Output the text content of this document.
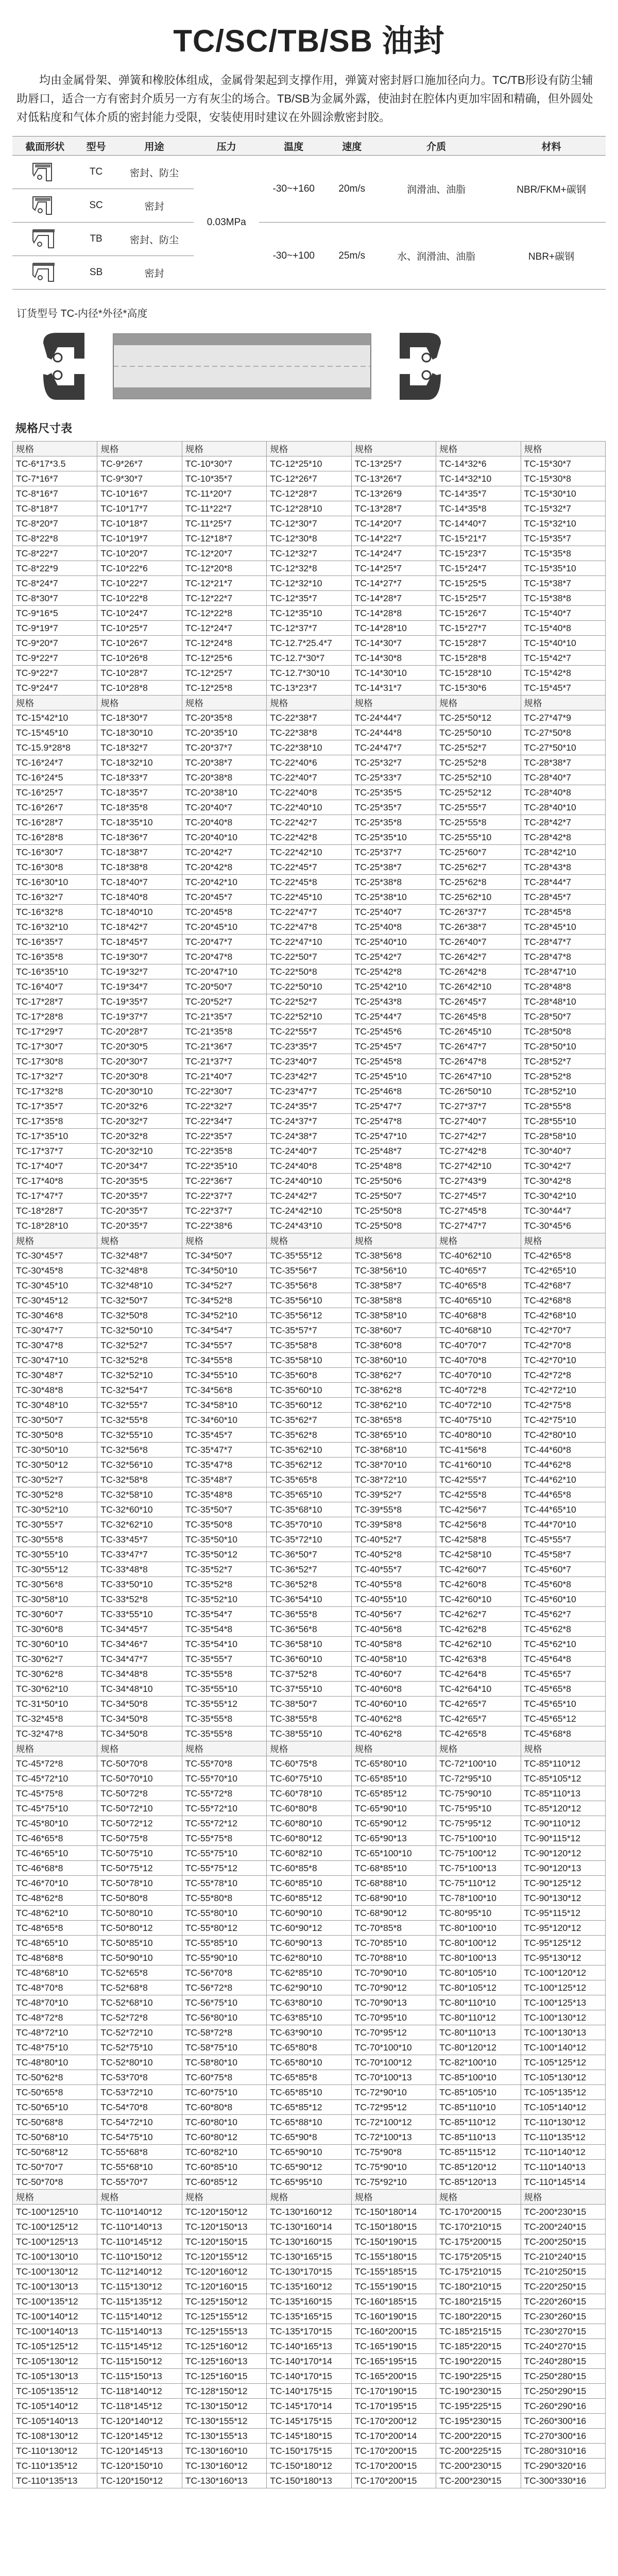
TC/SC/TB/SB 油封

均由金属骨架、弹簧和橡胶体组成，金属骨架起到支撑作用，弹簧对密封唇口施加径向力。TC/TB形设有防尘辅助唇口，适合一方有密封介质另一方有灰尘的场合。TB/SB为金属外露，使油封在腔体内更加牢固和精确，但外圆处对低粘度和气体介质的密封能力受限，安装使用时建议在外圆涂敷密封胶。

截面形状	型号	用途	压力	温度	速度	介质	材料

	TC	密封、防尘	0.03MPa	-30~+160	20m/s	润滑油、油脂	NBR/FKM+碳钢

	SC	密封					

	TB	密封、防尘		-30~+100	25m/s	水、润滑油、油脂	NBR+碳钢

	SB	密封					
订货型号 TC-内径*外径*高度
规格尺寸表
规格	规格	规格	规格	规格	规格	规格
TC-6*17*3.5	TC-9*26*7	TC-10*30*7	TC-12*25*10	TC-13*25*7	TC-14*32*6	TC-15*30*7
TC-7*16*7	TC-9*30*7	TC-10*35*7	TC-12*26*7	TC-13*26*7	TC-14*32*10	TC-15*30*8
TC-8*16*7	TC-10*16*7	TC-11*20*7	TC-12*28*7	TC-13*26*9	TC-14*35*7	TC-15*30*10
TC-8*18*7	TC-10*17*7	TC-11*22*7	TC-12*28*10	TC-13*28*7	TC-14*35*8	TC-15*32*7
TC-8*20*7	TC-10*18*7	TC-11*25*7	TC-12*30*7	TC-14*20*7	TC-14*40*7	TC-15*32*10
TC-8*22*8	TC-10*19*7	TC-12*18*7	TC-12*30*8	TC-14*22*7	TC-15*21*7	TC-15*35*7
TC-8*22*7	TC-10*20*7	TC-12*20*7	TC-12*32*7	TC-14*24*7	TC-15*23*7	TC-15*35*8
TC-8*22*9	TC-10*22*6	TC-12*20*8	TC-12*32*8	TC-14*25*7	TC-15*24*7	TC-15*35*10
TC-8*24*7	TC-10*22*7	TC-12*21*7	TC-12*32*10	TC-14*27*7	TC-15*25*5	TC-15*38*7
TC-8*30*7	TC-10*22*8	TC-12*22*7	TC-12*35*7	TC-14*28*7	TC-15*25*7	TC-15*38*8
TC-9*16*5	TC-10*24*7	TC-12*22*8	TC-12*35*10	TC-14*28*8	TC-15*26*7	TC-15*40*7
TC-9*19*7	TC-10*25*7	TC-12*24*7	TC-12*37*7	TC-14*28*10	TC-15*27*7	TC-15*40*8
TC-9*20*7	TC-10*26*7	TC-12*24*8	TC-12.7*25.4*7	TC-14*30*7	TC-15*28*7	TC-15*40*10
TC-9*22*7	TC-10*26*8	TC-12*25*6	TC-12.7*30*7	TC-14*30*8	TC-15*28*8	TC-15*42*7
TC-9*22*7	TC-10*28*7	TC-12*25*7	TC-12.7*30*10	TC-14*30*10	TC-15*28*10	TC-15*42*8
TC-9*24*7	TC-10*28*8	TC-12*25*8	TC-13*23*7	TC-14*31*7	TC-15*30*6	TC-15*45*7
规格	规格	规格	规格	规格	规格	规格
TC-15*42*10	TC-18*30*7	TC-20*35*8	TC-22*38*7	TC-24*44*7	TC-25*50*12	TC-27*47*9
TC-15*45*10	TC-18*30*10	TC-20*35*10	TC-22*38*8	TC-24*44*8	TC-25*50*10	TC-27*50*8
TC-15.9*28*8	TC-18*32*7	TC-20*37*7	TC-22*38*10	TC-24*47*7	TC-25*52*7	TC-27*50*10
TC-16*24*7	TC-18*32*10	TC-20*38*7	TC-22*40*6	TC-25*32*7	TC-25*52*8	TC-28*38*7
TC-16*24*5	TC-18*33*7	TC-20*38*8	TC-22*40*7	TC-25*33*7	TC-25*52*10	TC-28*40*7
TC-16*25*7	TC-18*35*7	TC-20*38*10	TC-22*40*8	TC-25*35*5	TC-25*52*12	TC-28*40*8
TC-16*26*7	TC-18*35*8	TC-20*40*7	TC-22*40*10	TC-25*35*7	TC-25*55*7	TC-28*40*10
TC-16*28*7	TC-18*35*10	TC-20*40*8	TC-22*42*7	TC-25*35*8	TC-25*55*8	TC-28*42*7
TC-16*28*8	TC-18*36*7	TC-20*40*10	TC-22*42*8	TC-25*35*10	TC-25*55*10	TC-28*42*8
TC-16*30*7	TC-18*38*7	TC-20*42*7	TC-22*42*10	TC-25*37*7	TC-25*60*7	TC-28*42*10
TC-16*30*8	TC-18*38*8	TC-20*42*8	TC-22*45*7	TC-25*38*7	TC-25*62*7	TC-28*43*8
TC-16*30*10	TC-18*40*7	TC-20*42*10	TC-22*45*8	TC-25*38*8	TC-25*62*8	TC-28*44*7
TC-16*32*7	TC-18*40*8	TC-20*45*7	TC-22*45*10	TC-25*38*10	TC-25*62*10	TC-28*45*7
TC-16*32*8	TC-18*40*10	TC-20*45*8	TC-22*47*7	TC-25*40*7	TC-26*37*7	TC-28*45*8
TC-16*32*10	TC-18*42*7	TC-20*45*10	TC-22*47*8	TC-25*40*8	TC-26*38*7	TC-28*45*10
TC-16*35*7	TC-18*45*7	TC-20*47*7	TC-22*47*10	TC-25*40*10	TC-26*40*7	TC-28*47*7
TC-16*35*8	TC-19*30*7	TC-20*47*8	TC-22*50*7	TC-25*42*7	TC-26*42*7	TC-28*47*8
TC-16*35*10	TC-19*32*7	TC-20*47*10	TC-22*50*8	TC-25*42*8	TC-26*42*8	TC-28*47*10
TC-16*40*7	TC-19*34*7	TC-20*50*7	TC-22*50*10	TC-25*42*10	TC-26*42*10	TC-28*48*8
TC-17*28*7	TC-19*35*7	TC-20*52*7	TC-22*52*7	TC-25*43*8	TC-26*45*7	TC-28*48*10
TC-17*28*8	TC-19*37*7	TC-21*35*7	TC-22*52*10	TC-25*44*7	TC-26*45*8	TC-28*50*7
TC-17*29*7	TC-20*28*7	TC-21*35*8	TC-22*55*7	TC-25*45*6	TC-26*45*10	TC-28*50*8
TC-17*30*7	TC-20*30*5	TC-21*36*7	TC-23*35*7	TC-25*45*7	TC-26*47*7	TC-28*50*10
TC-17*30*8	TC-20*30*7	TC-21*37*7	TC-23*40*7	TC-25*45*8	TC-26*47*8	TC-28*52*7
TC-17*32*7	TC-20*30*8	TC-21*40*7	TC-23*42*7	TC-25*45*10	TC-26*47*10	TC-28*52*8
TC-17*32*8	TC-20*30*10	TC-22*30*7	TC-23*47*7	TC-25*46*8	TC-26*50*10	TC-28*52*10
TC-17*35*7	TC-20*32*6	TC-22*32*7	TC-24*35*7	TC-25*47*7	TC-27*37*7	TC-28*55*8
TC-17*35*8	TC-20*32*7	TC-22*34*7	TC-24*37*7	TC-25*47*8	TC-27*40*7	TC-28*55*10
TC-17*35*10	TC-20*32*8	TC-22*35*7	TC-24*38*7	TC-25*47*10	TC-27*42*7	TC-28*58*10
TC-17*37*7	TC-20*32*10	TC-22*35*8	TC-24*40*7	TC-25*48*7	TC-27*42*8	TC-30*40*7
TC-17*40*7	TC-20*34*7	TC-22*35*10	TC-24*40*8	TC-25*48*8	TC-27*42*10	TC-30*42*7
TC-17*40*8	TC-20*35*5	TC-22*36*7	TC-24*40*10	TC-25*50*6	TC-27*43*9	TC-30*42*8
TC-17*47*7	TC-20*35*7	TC-22*37*7	TC-24*42*7	TC-25*50*7	TC-27*45*7	TC-30*42*10
TC-18*28*7	TC-20*35*7	TC-22*37*7	TC-24*42*10	TC-25*50*8	TC-27*45*8	TC-30*44*7
TC-18*28*10	TC-20*35*7	TC-22*38*6	TC-24*43*10	TC-25*50*8	TC-27*47*7	TC-30*45*6
规格	规格	规格	规格	规格	规格	规格
TC-30*45*7	TC-32*48*7	TC-34*50*7	TC-35*55*12	TC-38*56*8	TC-40*62*10	TC-42*65*8
TC-30*45*8	TC-32*48*8	TC-34*50*10	TC-35*56*7	TC-38*56*10	TC-40*65*7	TC-42*65*10
TC-30*45*10	TC-32*48*10	TC-34*52*7	TC-35*56*8	TC-38*58*7	TC-40*65*8	TC-42*68*7
TC-30*45*12	TC-32*50*7	TC-34*52*8	TC-35*56*10	TC-38*58*8	TC-40*65*10	TC-42*68*8
TC-30*46*8	TC-32*50*8	TC-34*52*10	TC-35*56*12	TC-38*58*10	TC-40*68*8	TC-42*68*10
TC-30*47*7	TC-32*50*10	TC-34*54*7	TC-35*57*7	TC-38*60*7	TC-40*68*10	TC-42*70*7
TC-30*47*8	TC-32*52*7	TC-34*55*7	TC-35*58*8	TC-38*60*8	TC-40*70*7	TC-42*70*8
TC-30*47*10	TC-32*52*8	TC-34*55*8	TC-35*58*10	TC-38*60*10	TC-40*70*8	TC-42*70*10
TC-30*48*7	TC-32*52*10	TC-34*55*10	TC-35*60*8	TC-38*62*7	TC-40*70*10	TC-42*72*8
TC-30*48*8	TC-32*54*7	TC-34*56*8	TC-35*60*10	TC-38*62*8	TC-40*72*8	TC-42*72*10
TC-30*48*10	TC-32*55*7	TC-34*58*10	TC-35*60*12	TC-38*62*10	TC-40*72*10	TC-42*75*8
TC-30*50*7	TC-32*55*8	TC-34*60*10	TC-35*62*7	TC-38*65*8	TC-40*75*10	TC-42*75*10
TC-30*50*8	TC-32*55*10	TC-35*45*7	TC-35*62*8	TC-38*65*10	TC-40*80*10	TC-42*80*10
TC-30*50*10	TC-32*56*8	TC-35*47*7	TC-35*62*10	TC-38*68*10	TC-41*56*8	TC-44*60*8
TC-30*50*12	TC-32*56*10	TC-35*47*8	TC-35*62*12	TC-38*70*10	TC-41*60*10	TC-44*62*8
TC-30*52*7	TC-32*58*8	TC-35*48*7	TC-35*65*8	TC-38*72*10	TC-42*55*7	TC-44*62*10
TC-30*52*8	TC-32*58*10	TC-35*48*8	TC-35*65*10	TC-39*52*7	TC-42*55*8	TC-44*65*8
TC-30*52*10	TC-32*60*10	TC-35*50*7	TC-35*68*10	TC-39*55*8	TC-42*56*7	TC-44*65*10
TC-30*55*7	TC-32*62*10	TC-35*50*8	TC-35*70*10	TC-39*58*8	TC-42*56*8	TC-44*70*10
TC-30*55*8	TC-33*45*7	TC-35*50*10	TC-35*72*10	TC-40*52*7	TC-42*58*8	TC-45*55*7
TC-30*55*10	TC-33*47*7	TC-35*50*12	TC-36*50*7	TC-40*52*8	TC-42*58*10	TC-45*58*7
TC-30*55*12	TC-33*48*8	TC-35*52*7	TC-36*52*7	TC-40*55*7	TC-42*60*7	TC-45*60*7
TC-30*56*8	TC-33*50*10	TC-35*52*8	TC-36*52*8	TC-40*55*8	TC-42*60*8	TC-45*60*8
TC-30*58*10	TC-33*52*8	TC-35*52*10	TC-36*54*10	TC-40*55*10	TC-42*60*10	TC-45*60*10
TC-30*60*7	TC-33*55*10	TC-35*54*7	TC-36*55*8	TC-40*56*7	TC-42*62*7	TC-45*62*7
TC-30*60*8	TC-34*45*7	TC-35*54*8	TC-36*56*8	TC-40*56*8	TC-42*62*8	TC-45*62*8
TC-30*60*10	TC-34*46*7	TC-35*54*10	TC-36*58*10	TC-40*58*8	TC-42*62*10	TC-45*62*10
TC-30*62*7	TC-34*47*7	TC-35*55*7	TC-36*60*10	TC-40*58*10	TC-42*63*8	TC-45*64*8
TC-30*62*8	TC-34*48*8	TC-35*55*8	TC-37*52*8	TC-40*60*7	TC-42*64*8	TC-45*65*7
TC-30*62*10	TC-34*48*10	TC-35*55*10	TC-37*55*10	TC-40*60*8	TC-42*64*10	TC-45*65*8
TC-31*50*10	TC-34*50*8	TC-35*55*12	TC-38*50*7	TC-40*60*10	TC-42*65*7	TC-45*65*10
TC-32*45*8	TC-34*50*8	TC-35*55*8	TC-38*55*8	TC-40*62*8	TC-42*65*7	TC-45*65*12
TC-32*47*8	TC-34*50*8	TC-35*55*8	TC-38*55*10	TC-40*62*8	TC-42*65*8	TC-45*68*8
规格	规格	规格	规格	规格	规格	规格
TC-45*72*8	TC-50*70*8	TC-55*70*8	TC-60*75*8	TC-65*80*10	TC-72*100*10	TC-85*110*12
TC-45*72*10	TC-50*70*10	TC-55*70*10	TC-60*75*10	TC-65*85*10	TC-72*95*10	TC-85*105*12
TC-45*75*8	TC-50*72*8	TC-55*72*8	TC-60*78*10	TC-65*85*12	TC-75*90*10	TC-85*110*13
TC-45*75*10	TC-50*72*10	TC-55*72*10	TC-60*80*8	TC-65*90*10	TC-75*95*10	TC-85*120*12
TC-45*80*10	TC-50*72*12	TC-55*72*12	TC-60*80*10	TC-65*90*12	TC-75*95*12	TC-90*110*12
TC-46*65*8	TC-50*75*8	TC-55*75*8	TC-60*80*12	TC-65*90*13	TC-75*100*10	TC-90*115*12
TC-46*65*10	TC-50*75*10	TC-55*75*10	TC-60*82*10	TC-65*100*10	TC-75*100*12	TC-90*120*12
TC-46*68*8	TC-50*75*12	TC-55*75*12	TC-60*85*8	TC-68*85*10	TC-75*100*13	TC-90*120*13
TC-46*70*10	TC-50*78*10	TC-55*78*10	TC-60*85*10	TC-68*88*10	TC-75*110*12	TC-90*125*12
TC-48*62*8	TC-50*80*8	TC-55*80*8	TC-60*85*12	TC-68*90*10	TC-78*100*10	TC-90*130*12
TC-48*62*10	TC-50*80*10	TC-55*80*10	TC-60*90*10	TC-68*90*12	TC-80*95*10	TC-95*115*12
TC-48*65*8	TC-50*80*12	TC-55*80*12	TC-60*90*12	TC-70*85*8	TC-80*100*10	TC-95*120*12
TC-48*65*10	TC-50*85*10	TC-55*85*10	TC-60*90*13	TC-70*85*10	TC-80*100*12	TC-95*125*12
TC-48*68*8	TC-50*90*10	TC-55*90*10	TC-62*80*10	TC-70*88*10	TC-80*100*13	TC-95*130*12
TC-48*68*10	TC-52*65*8	TC-56*70*8	TC-62*85*10	TC-70*90*10	TC-80*105*10	TC-100*120*12
TC-48*70*8	TC-52*68*8	TC-56*72*8	TC-62*90*10	TC-70*90*12	TC-80*105*12	TC-100*125*12
TC-48*70*10	TC-52*68*10	TC-56*75*10	TC-63*80*10	TC-70*90*13	TC-80*110*10	TC-100*125*13
TC-48*72*8	TC-52*72*8	TC-56*80*10	TC-63*85*10	TC-70*95*10	TC-80*110*12	TC-100*130*12
TC-48*72*10	TC-52*72*10	TC-58*72*8	TC-63*90*10	TC-70*95*12	TC-80*110*13	TC-100*130*13
TC-48*75*10	TC-52*75*10	TC-58*75*10	TC-65*80*8	TC-70*100*10	TC-80*120*12	TC-100*140*12
TC-48*80*10	TC-52*80*10	TC-58*80*10	TC-65*80*10	TC-70*100*12	TC-82*100*10	TC-105*125*12
TC-50*62*8	TC-53*70*8	TC-60*75*8	TC-65*85*8	TC-70*100*13	TC-85*100*10	TC-105*130*12
TC-50*65*8	TC-53*72*10	TC-60*75*10	TC-65*85*10	TC-72*90*10	TC-85*105*10	TC-105*135*12
TC-50*65*10	TC-54*70*8	TC-60*80*8	TC-65*85*12	TC-72*95*12	TC-85*110*10	TC-105*140*12
TC-50*68*8	TC-54*72*10	TC-60*80*10	TC-65*88*10	TC-72*100*12	TC-85*110*12	TC-110*130*12
TC-50*68*10	TC-54*75*10	TC-60*80*12	TC-65*90*8	TC-72*100*13	TC-85*110*13	TC-110*135*12
TC-50*68*12	TC-55*68*8	TC-60*82*10	TC-65*90*10	TC-75*90*8	TC-85*115*12	TC-110*140*12
TC-50*70*7	TC-55*68*10	TC-60*85*10	TC-65*90*12	TC-75*90*10	TC-85*120*12	TC-110*140*13
TC-50*70*8	TC-55*70*7	TC-60*85*12	TC-65*95*10	TC-75*92*10	TC-85*120*13	TC-110*145*14
规格	规格	规格	规格	规格	规格	规格
TC-100*125*10	TC-110*140*12	TC-120*150*12	TC-130*160*12	TC-150*180*14	TC-170*200*15	TC-200*230*15
TC-100*125*12	TC-110*140*13	TC-120*150*13	TC-130*160*14	TC-150*180*15	TC-170*210*15	TC-200*240*15
TC-100*125*13	TC-110*145*12	TC-120*150*15	TC-130*160*15	TC-150*190*15	TC-175*200*15	TC-200*250*15
TC-100*130*10	TC-110*150*12	TC-120*155*12	TC-130*165*15	TC-155*180*15	TC-175*205*15	TC-210*240*15
TC-100*130*12	TC-112*140*12	TC-120*160*12	TC-130*170*15	TC-155*185*15	TC-175*210*15	TC-210*250*15
TC-100*130*13	TC-115*130*12	TC-120*160*15	TC-135*160*12	TC-155*190*15	TC-180*210*15	TC-220*250*15
TC-100*135*12	TC-115*135*12	TC-125*150*12	TC-135*160*15	TC-160*185*15	TC-180*215*15	TC-220*260*15
TC-100*140*12	TC-115*140*12	TC-125*155*12	TC-135*165*15	TC-160*190*15	TC-180*220*15	TC-230*260*15
TC-100*140*13	TC-115*140*13	TC-125*155*13	TC-135*170*15	TC-160*200*15	TC-185*215*15	TC-230*270*15
TC-105*125*12	TC-115*145*12	TC-125*160*12	TC-140*165*13	TC-165*190*15	TC-185*220*15	TC-240*270*15
TC-105*130*12	TC-115*150*12	TC-125*160*13	TC-140*170*14	TC-165*195*15	TC-190*220*15	TC-240*280*15
TC-105*130*13	TC-115*150*13	TC-125*160*15	TC-140*170*15	TC-165*200*15	TC-190*225*15	TC-250*280*15
TC-105*135*12	TC-118*140*12	TC-128*150*12	TC-140*175*15	TC-170*190*15	TC-190*230*15	TC-250*290*15
TC-105*140*12	TC-118*145*12	TC-130*150*12	TC-145*170*14	TC-170*195*15	TC-195*225*15	TC-260*290*16
TC-105*140*13	TC-120*140*12	TC-130*155*12	TC-145*175*15	TC-170*200*12	TC-195*230*15	TC-260*300*16
TC-108*130*12	TC-120*145*12	TC-130*155*13	TC-145*180*15	TC-170*200*14	TC-200*220*15	TC-270*300*16
TC-110*130*12	TC-120*145*13	TC-130*160*10	TC-150*175*15	TC-170*200*15	TC-200*225*15	TC-280*310*16
TC-110*135*12	TC-120*150*10	TC-130*160*12	TC-150*180*12	TC-170*200*15	TC-200*230*15	TC-290*320*16
TC-110*135*13	TC-120*150*12	TC-130*160*13	TC-150*180*13	TC-170*200*15	TC-200*230*15	TC-300*330*16
